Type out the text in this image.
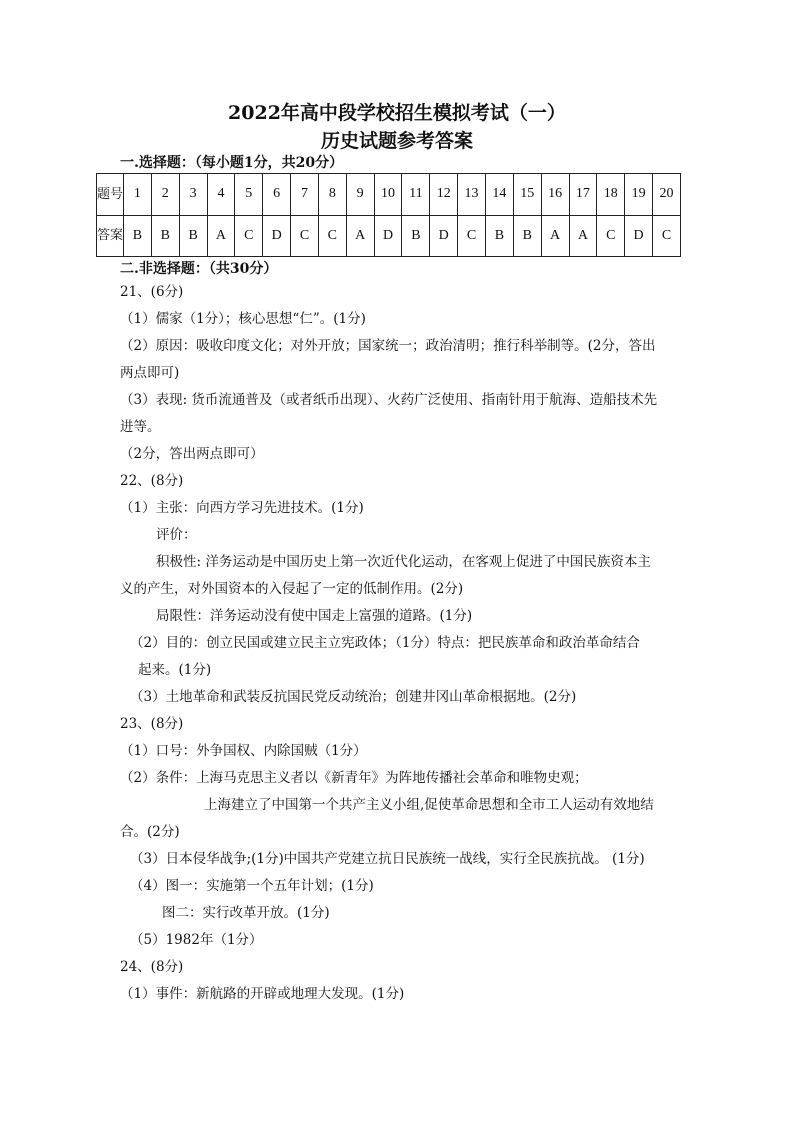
2022年高中段学校招生模拟考试（一）
历史试题参考答案
一.选择题：（每小题1分，共20分）
题号	1	2	3	4	5	6	7	8	9	10	11	12	13	14	15	16	17	18	19	20
答案	B	B	B	A	C	D	C	C	A	D	B	D	C	B	B	A	A	C	D	C
二.非选择题：（共30分）
21、(6分)
（1）儒家（1分）；核心思想“仁”。(1分)
（2）原因：吸收印度文化；对外开放；国家统一；政治清明；推行科举制等。(2分，答出
两点即可)
（3）表现: 货币流通普及（或者纸币出现）、火药广泛使用、指南针用于航海、造船技术先
进等。
（2分，答出两点即可）
22、(8分)
（1）主张：向西方学习先进技术。(1分)
评价：
积极性: 洋务运动是中国历史上第一次近代化运动，在客观上促进了中国民族资本主
义的产生，对外国资本的入侵起了一定的低制作用。(2分)
局限性：洋务运动没有使中国走上富强的道路。(1分)
（2）目的：创立民国或建立民主立宪政体；（1分）特点：把民族革命和政治革命结合
起来。(1分)
（3）土地革命和武装反抗国民党反动统治；创建井冈山革命根据地。(2分)
23、(8分)
（1）口号：外争国权、内除国贼（1分）
（2）条件：上海马克思主义者以《新青年》为阵地传播社会革命和唯物史观；
上海建立了中国第一个共产主义小组,促使革命思想和全市工人运动有效地结
合。(2分)
（3）日本侵华战争;(1分)中国共产党建立抗日民族统一战线，实行全民族抗战。 (1分)
（4）图一：实施第一个五年计划；(1分)
图二：实行改革开放。(1分)
（5）1982年（1分）
24、(8分)
（1）事件：新航路的开辟或地理大发现。(1分)
